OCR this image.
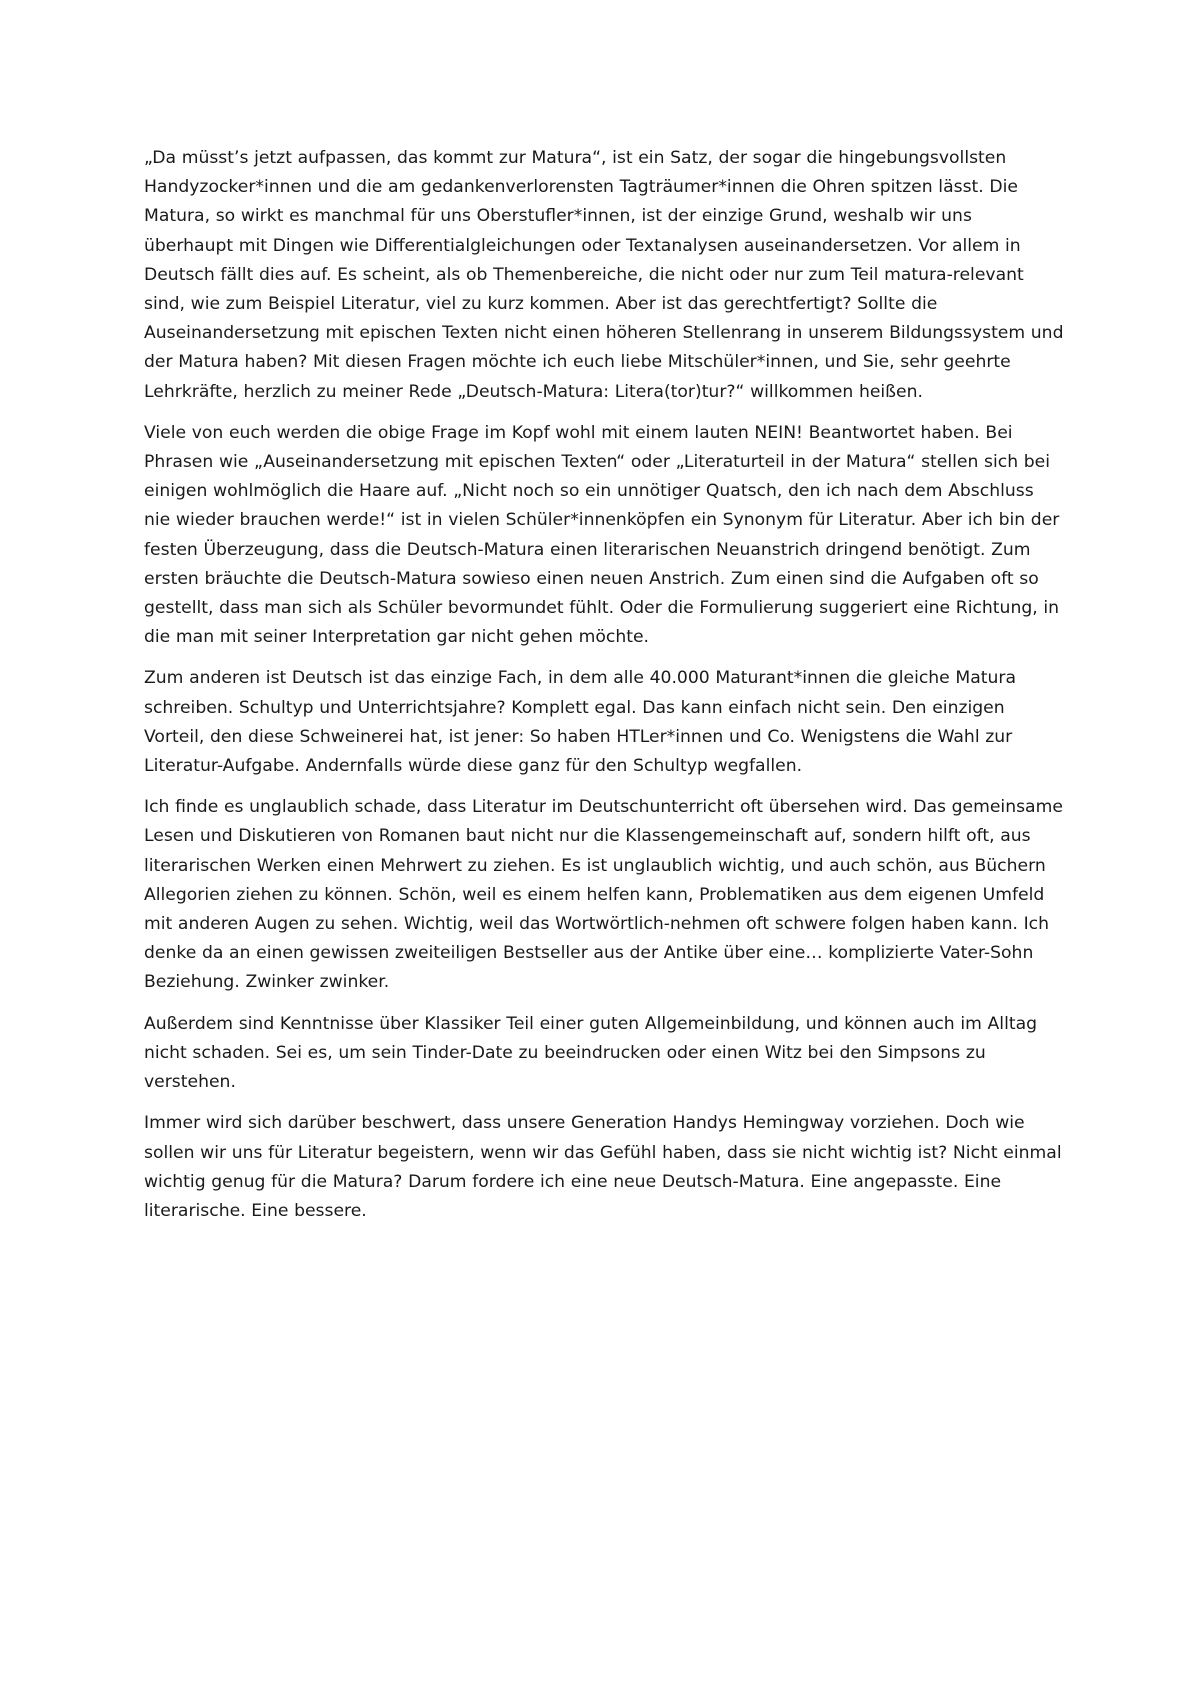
„Da müsst’s jetzt aufpassen, das kommt zur Matura“, ist ein Satz, der sogar die hingebungsvollsten Handyzocker*innen und die am gedankenverlorensten Tagträumer*innen die Ohren spitzen lässt. Die Matura, so wirkt es manchmal für uns Oberstufler*innen, ist der einzige Grund, weshalb wir uns überhaupt mit Dingen wie Differentialgleichungen oder Textanalysen auseinandersetzen. Vor allem in Deutsch fällt dies auf. Es scheint, als ob Themenbereiche, die nicht oder nur zum Teil matura-relevant sind, wie zum Beispiel Literatur, viel zu kurz kommen. Aber ist das gerechtfertigt? Sollte die Auseinandersetzung mit epischen Texten nicht einen höheren Stellenrang in unserem Bildungssystem und der Matura haben? Mit diesen Fragen möchte ich euch liebe Mitschüler*innen, und Sie, sehr geehrte Lehrkräfte, herzlich zu meiner Rede „Deutsch-Matura: Litera(tor)tur?“ willkommen heißen.

Viele von euch werden die obige Frage im Kopf wohl mit einem lauten NEIN! Beantwortet haben. Bei Phrasen wie „Auseinandersetzung mit epischen Texten“ oder „Literaturteil in der Matura“ stellen sich bei einigen wohlmöglich die Haare auf. „Nicht noch so ein unnötiger Quatsch, den ich nach dem Abschluss nie wieder brauchen werde!“ ist in vielen Schüler*innenköpfen ein Synonym für Literatur. Aber ich bin der festen Überzeugung, dass die Deutsch-Matura einen literarischen Neuanstrich dringend benötigt. Zum ersten bräuchte die Deutsch-Matura sowieso einen neuen Anstrich. Zum einen sind die Aufgaben oft so gestellt, dass man sich als Schüler bevormundet fühlt. Oder die Formulierung suggeriert eine Richtung, in die man mit seiner Interpretation gar nicht gehen möchte.

Zum anderen ist Deutsch ist das einzige Fach, in dem alle 40.000 Maturant*innen die gleiche Matura schreiben. Schultyp und Unterrichtsjahre? Komplett egal. Das kann einfach nicht sein. Den einzigen Vorteil, den diese Schweinerei hat, ist jener: So haben HTLer*innen und Co. Wenigstens die Wahl zur Literatur-Aufgabe. Andernfalls würde diese ganz für den Schultyp wegfallen.

Ich finde es unglaublich schade, dass Literatur im Deutschunterricht oft übersehen wird. Das gemeinsame Lesen und Diskutieren von Romanen baut nicht nur die Klassengemeinschaft auf, sondern hilft oft, aus literarischen Werken einen Mehrwert zu ziehen. Es ist unglaublich wichtig, und auch schön, aus Büchern Allegorien ziehen zu können. Schön, weil es einem helfen kann, Problematiken aus dem eigenen Umfeld mit anderen Augen zu sehen. Wichtig, weil das Wortwörtlich-nehmen oft schwere folgen haben kann. Ich denke da an einen gewissen zweiteiligen Bestseller aus der Antike über eine… komplizierte Vater-Sohn Beziehung. Zwinker zwinker.

Außerdem sind Kenntnisse über Klassiker Teil einer guten Allgemeinbildung, und können auch im Alltag nicht schaden. Sei es, um sein Tinder-Date zu beeindrucken oder einen Witz bei den Simpsons zu verstehen.

Immer wird sich darüber beschwert, dass unsere Generation Handys Hemingway vorziehen. Doch wie sollen wir uns für Literatur begeistern, wenn wir das Gefühl haben, dass sie nicht wichtig ist? Nicht einmal wichtig genug für die Matura? Darum fordere ich eine neue Deutsch-Matura. Eine angepasste. Eine literarische. Eine bessere.
